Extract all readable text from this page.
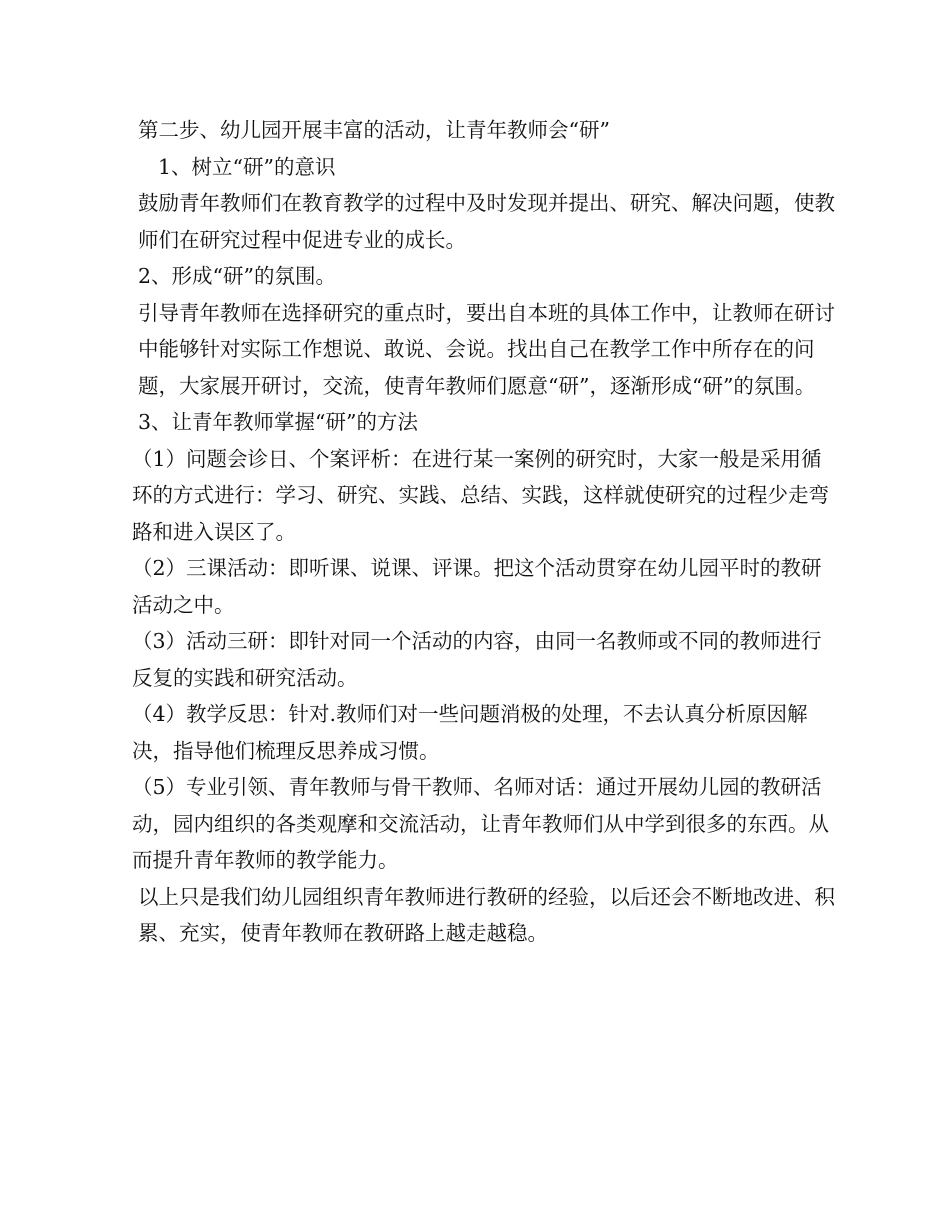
第二步、幼儿园开展丰富的活动，让青年教师会“研”

1、树立“研”的意识

鼓励青年教师们在教育教学的过程中及时发现并提出、研究、解决问题，使教师们在研究过程中促进专业的成长。

2、形成“研”的氛围。

引导青年教师在选择研究的重点时，要出自本班的具体工作中，让教师在研讨中能够针对实际工作想说、敢说、会说。找出自己在教学工作中所存在的问题，大家展开研讨，交流，使青年教师们愿意“研”，逐渐形成“研”的氛围。

3、让青年教师掌握“研”的方法

（1）问题会诊日、个案评析：在进行某一案例的研究时，大家一般是采用循环的方式进行：学习、研究、实践、总结、实践，这样就使研究的过程少走弯路和进入误区了。

（2）三课活动：即听课、说课、评课。把这个活动贯穿在幼儿园平时的教研活动之中。

（3）活动三研：即针对同一个活动的内容，由同一名教师或不同的教师进行反复的实践和研究活动。

（4）教学反思：针对.教师们对一些问题消极的处理，不去认真分析原因解决，指导他们梳理反思养成习惯。

（5）专业引领、青年教师与骨干教师、名师对话：通过开展幼儿园的教研活动，园内组织的各类观摩和交流活动，让青年教师们从中学到很多的东西。从而提升青年教师的教学能力。

以上只是我们幼儿园组织青年教师进行教研的经验，以后还会不断地改进、积累、充实，使青年教师在教研路上越走越稳。
